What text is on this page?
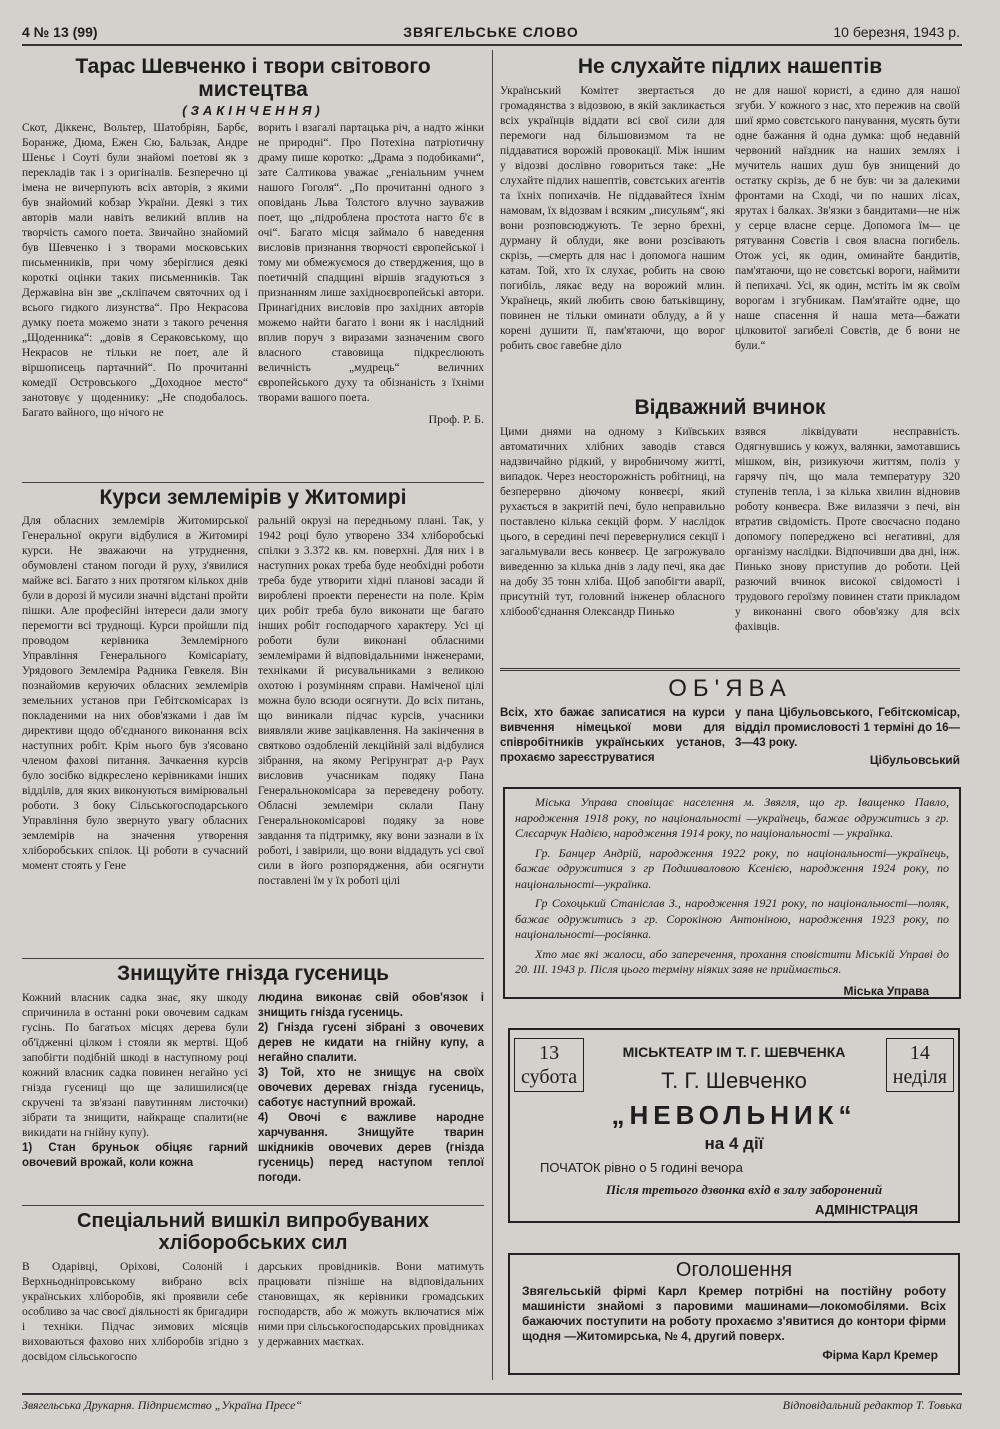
4 № 13 (99)	ЗВЯГЕЛЬСЬКЕ СЛОВО	10 березня, 1943 р.
Тарас Шевченко і твори світового мистецтва
(ЗАКІНЧЕННЯ)
Скот, Діккенс, Вольтер, Шатобріян, Барбє, Боранже, Дюма, Ежен Сю, Бальзак, Андре Шеньє і Соуті були знайомі поетові як з перекладів так і з оригіналів. Безперечно ці імена не вичерпують всіх авторів, з якими був знайомий кобзар України. Деякі з тих авторів мали навіть великий вплив на творчість самого поета. Звичайно знайомий був Шевченко і з творами московських письменників, при чому зберіглися деякі короткі оцінки таких письменників. Так Державіна він зве „скліпачем святочних од і всього гидкого лизунства“. Про Некрасова думку поета можемо знати з такого речення „Щоденника“: „довів я Сераковському, що Некрасов не тільки не поет, але й віршописець партачний“. По прочитанні комедії Островського „Доходное место“ занотовує у щоденнику: „Не сподобалось. Багато вайного, що нічого не
ворить і взагалі партацька річ, а надто жінки не природні“. Про Потехіна патріотичну драму пише коротко: „Драма з подобиками“, зате Салтикова уважає „геніальним учнем нашого Гоголя“. „По прочитанні одного з оповідань Льва Толстого влучно зауважив поет, що „підроблена простота нагто б'є в очі“. Багато місця займало б наведення висловів признання творчості європейської і тому ми обмежуємося до стверджения, що в поетичній спадщині віршів згадуються з признанням лише західноєвропейські автори. Принагідних висловів про західних авторів можемо найти багато і вони як і наслідний вплив поруч з виразами зазначеним свого власного ставовища підкреслюють величність „мудрець“ величних європейського духу та обізнаність з їхніми творами вашого поета.
Проф. Р. Б.
Курси землемірів у Житомирі
Для обласних землемірів Житомирської Генеральної округи відбулися в Житомирі курси. Не зважаючи на утруднення, обумовлені станом погоди й руху, з'явилися майже всі. Багато з них протягом кількох днів були в дорозі й мусили значні відстані пройти пішки. Але професійні інтереси дали змогу перемогти всі труднощі. Курси пройшли під проводом керівника Землемірного Управління Генерального Комісаріату, Урядового Землеміра Радника Гевкеля. Він познайомив керуючих обласних землемірів земельних установ при Гебітскомісарах із покладеними на них обов'язками і дав їм директиви щодо об'єднаного виконання всіх наступних робіт. Крім нього був з'ясовано членом фахові питання. Зачкаення курсів було зосібко відкреслено керівниками інших відділів, для яких виконуються вимірювальні роботи. З боку Сільськогосподарського Управління було звернуто увагу обласних землемірів на значення утворення хліборобських спілок. Ці роботи в сучасний момент стоять у Гене
ральній окрузі на передньому плані. Так, у 1942 році було утворено 334 хліборобські спілки з 3.372 кв. км. поверхні. Для них і в наступних роках треба буде необхідні роботи треба буде утворити хідні планові засади й вироблені проекти перенести на поле. Крім цих робіт треба було виконати ще багато інших робіт господарчого характеру. Усі ці роботи були виконані обласними землемірами й відповідальними інженерами, техніками й рисувальниками з великою охотою і розумінням справи. Наміченої цілі можна було всюди осягнути. До всіх питань, що виникали підчас курсів, учасники виявляли живе зацікавлення. На закінчення в святково оздобленій лекційній залі відбулися зібрання, на якому Регірунграт д-р Раух висловив учасникам подяку Пана Генеральнокомісара за переведену роботу. Обласні землеміри склали Пану Генеральнокомісарові подяку за нове завдання та підтримку, яку вони зазнали в їх роботі, і завірили, що вони віддадуть усі свої сили в його розпорядження, аби осягнути поставлені їм у їх роботі цілі
Знищуйте гнізда гусениць
Кожний власник садка знає, яку шкоду спричинила в останні роки овочевим садкам гусінь. По багатьох місцях дерева були об'їдженні цілком і стояли як мертві. Щоб запобігти подібній шкоді в наступному році кожний власник садка повинен негайно усі гнізда гусениці що ще залишилися(це скручені та зв'язані павутинням листочки) зібрати та знищити, найкраще спалити(не викидати на гнійну купу).
1) Стан бруньок обіцяє гарний овочевий врожай, коли кожна
людина виконає свій обов'язок і знищить гнізда гусениць.
2) Гнізда гусені зібрані з овочевих дерев не кидати на гнійну купу, а негайно спалити.
3) Той, хто не знищує на своїх овочевих деревах гнізда гусениць, саботує наступний врожай.
4) Овочі є важливе народне харчування. Знищуйте тварин шкідників овочевих дерев (гнізда гусениць) перед наступом теплої погоди.
Спеціальний вишкіл випробуваних хліборобських сил
В Одарівці, Оріхові, Солоній і Верхньодніпровському вибрано всіх українських хліборобів, які проявили себе особливо за час своєї діяльності як бригадири і техніки. Підчас зимових місяців виховаються фахово них хліборобів згідно з досвідом сільськогоспо
дарських провідників. Вони матимуть працювати пізніше на відповідальних становищах, як керівники громадських господарств, або ж можуть включатися між ними при сільськогосподарських провідниках у державних маєтках.
Не слухайте підлих нашептів
Український Комітет звертається до громадянства з відозвою, в якій закликається всіх українців віддати всі свої сили для перемоги над більшовизмом та не піддаватися ворожій провокації. Між іншим у відозві дослівно говориться таке: „Не слухайте підлих нашептів, совєтських агентів та їхніх попихачів. Не піддавайтеся їхнім намовам, їх відозвам і всяким „писульям“, які вони розповсюджують. Те зерно брехні, дурману й облуди, яке вони розсівають скрізь, —смерть для нас і допомога нашим катам. Той, хто їх слухає, робить на свою погибіль, лякає веду на ворожий млин. Українець, який любить свою батьківщину, повинен не тільки оминати облуду, а й у корені душити її, пам'ятаючи, що ворог робить своє гавебне діло
не для нашої користі, а єдино для нашої згуби. У кожного з нас, хто пережив на своїй шиї ярмо совєтського панування, мусять бути одне бажання й одна думка: щоб недавній червоний наїздник на наших землях і мучитель наших душ був знищений до остатку скрізь, де б не був: чи за далекими фронтами на Сході, чи по наших лісах, ярутах і балках. Зв'язки з бандитами—не ніж у серце власне серце. Допомога їм— це рятування Совєтів і своя власна погибель. Отож усі, як один, оминайте бандитів, пам'ятаючи, що не совєтські вороги, наймити й пепихачі. Усі, як один, мстіть ім як своїм ворогам і згубникам. Пам'ятайте одне, що наше спасення й наша мета—бажати цілковитої загибелі Совєтів, де б вони не були.“
Відважний вчинок
Цими днями на одному з Київських автоматичних хлібних заводів стався надзвичайно рідкий, у виробничому житті, випадок. Через неосторожність робітниці, на безперервно діючому конвеєрі, який рухається в закритій печі, було неправильно поставлено кілька секцій форм. У наслідок цього, в середині печі перевернулися секції і загальмували весь конвеєр. Це загрожувало виведенню за кілька днів з ладу печі, яка дає на добу 35 тонн хліба. Щоб запобігти аварії, присутній тут, головний інженер обласного хлібооб'єднання Олександр Пинько
взявся ліквідувати несправність. Одягнувшись у кожух, валянки, замотавшись мішком, він, ризикуючи життям, поліз у гарячу піч, що мала температуру 320 ступенів тепла, і за кілька хвилин відновив роботу конвеєра. Вже вилазячи з печі, він втратив свідомість. Проте своєчасно подано допомогу попереджено всі негативні, для організму наслідки. Відпочивши два дні, інж. Пинько знову приступив до роботи. Цей разючий вчинок високої свідомості і трудового героїзму повинен стати прикладом у виконанні свого обов'язку для всіх фахівців.
ОБ'ЯВА
Всіх, хто бажає записатися на курси вивчення німецької мови для співробітників українських установ, прохаємо зареєструватися
у пана Цібульовського, Гебітскомісар, відділ промисловості 1 терміні до 16—3—43 року.
Цібульовський

Міська Управа сповіщає населення м. Звягля, що гр. Іващенко Павло, народження 1918 року, по національності —українець, бажає одружитись з гр. Слєсарчук Надією, народження 1914 року, по національності — українка.

Гр. Банцер Андрій, народження 1922 року, по національності—українець, бажає одружитися з гр Подшиваловою Ксенією, народження 1924 року, по національності—українка.

Гр Сохоцький Станіслав З., народження 1921 року, по національності—поляк, бажає одружитись з гр. Сорокіною Антоніною, народження 1923 року, по національності—росіянка.

Хто має які жалоси, або заперечення, прохання сповістити Міській Управі до 20. III. 1943 р. Після цього терміну ніяких заяв не приймається.

Міська Управа
13
субота
14
неділя
МІСЬКТЕАТР ІМ Т. Г. ШЕВЧЕНКА
Т. Г. Шевченко
„НЕВОЛЬНИК“
на 4 дії
ПОЧАТОК рівно о 5 годині вечора
Після третього дзвонка вхід в залу заборонений
АДМІНІСТРАЦІЯ
Оголошення
Звягельській фірмі Карл Кремер потрібні на постійну роботу машиністи знайомі з паровими машинами—локомобілями. Всіх бажаючих поступити на роботу прохаємо з'явитися до контори фірми щодня —Житомирська, № 4, другий поверх.
Фірма Карл Кремер
Звягельська Друкарня. Підприємство „Україна Пресе“	Відповідальний редактор Т. Товька
